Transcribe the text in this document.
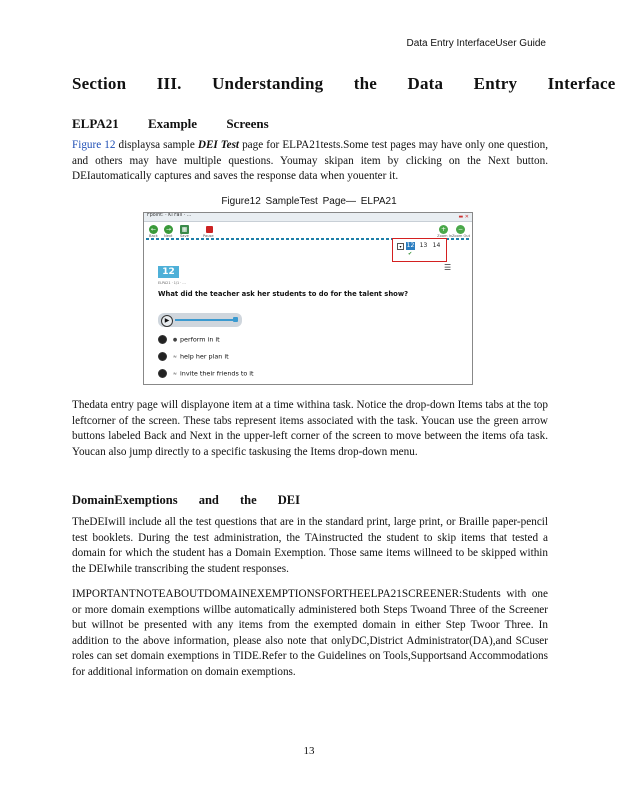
Data Entry InterfaceUser Guide
Section III. Understanding the Data Entry Interface
ELPA21 Example Screens

Figure 12 displaysa sample DEI Test page for ELPA21tests.Some test pages may have only one question, and others may have multiple questions. Youmay skipan item by clicking on the Next button. DEIautomatically captures and saves the response data when youenter it.

Figure12 SampleTest Page— ELPA21
Fpoint: · Kl Fall · ...	▬ ✕
←
Back
→
Next
▦
Save	Pause
+
Zoom In
−
Zoom Out
▾ 12 13 14
✔
☰
12
ELPA21 · 1/1 · ...
What did the teacher ask her students to do for the talent show?
▶
● perform in it
≈ help her plan it
≈ invite their friends to it

Thedata entry page will displayone item at a time withina task. Notice the drop-down Items tabs at the top leftcorner of the screen. These tabs represent items associated with the task. Youcan use the green arrow buttons labeled Back and Next in the upper-left corner of the screen to move between the items ofa task. Youcan also jump directly to a specific taskusing the Items drop-down menu.

DomainExemptions and the DEI

TheDEIwill include all the test questions that are in the standard print, large print, or Braille paper-pencil test booklets. During the test administration, the TAinstructed the student to skip items that tested a domain for which the student has a Domain Exemption. Those same items willneed to be skipped within the DEIwhile transcribing the student responses.

IMPORTANTNOTEABOUTDOMAINEXEMPTIONSFORTHEELPA21SCREENER:Students with one or more domain exemptions willbe automatically administered both Steps Twoand Three of the Screener but willnot be presented with any items from the exempted domain in either Step Twoor Three. In addition to the above information, please also note that onlyDC,District Administrator(DA),and SCuser roles can set domain exemptions in TIDE.Refer to the Guidelines on Tools,Supportsand Accommodations for additional information on domain exemptions.

13
